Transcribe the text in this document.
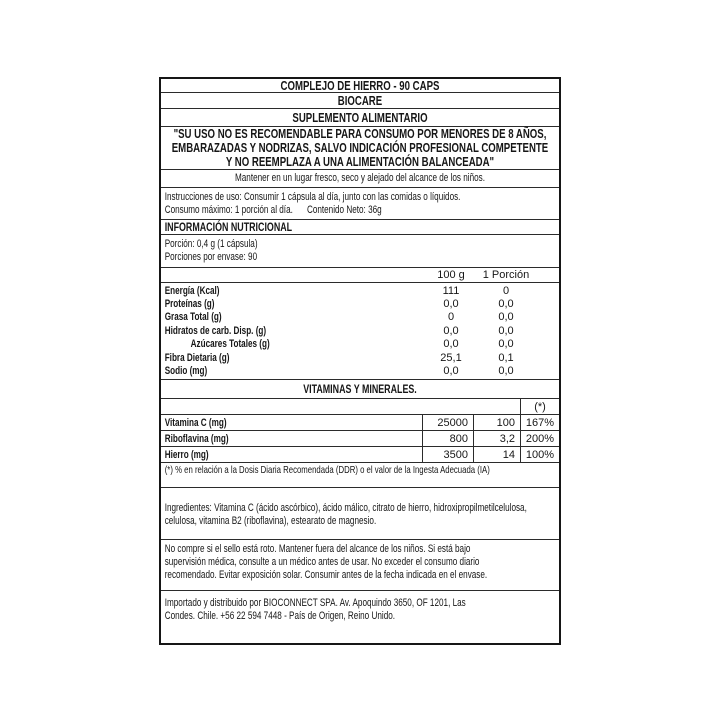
COMPLEJO DE HIERRO - 90 CAPS
BIOCARE
SUPLEMENTO ALIMENTARIO
"SU USO NO ES RECOMENDABLE PARA CONSUMO POR MENORES DE 8 AÑOS,
EMBARAZADAS Y NODRIZAS, SALVO INDICACIÓN PROFESIONAL COMPETENTE
Y NO REEMPLAZA A UNA ALIMENTACIÓN BALANCEADA"
Mantener en un lugar fresco, seco y alejado del alcance de los niños.
Instrucciones de uso: Consumir 1 cápsula al día, junto con las comidas o líquidos.
Consumo máximo: 1 porción al día. Contenido Neto: 36g
INFORMACIÓN NUTRICIONAL
Porción: 0,4 g (1 cápsula)
Porciones por envase: 90
100 g	1 Porción
Energía (Kcal)	111	0
Proteínas (g)	0,0	0,0
Grasa Total (g)	0	0,0
Hidratos de carb. Disp. (g)	0,0	0,0
Azúcares Totales (g)	0,0	0,0
Fibra Dietaria (g)	25,1	0,1
Sodio (mg)	0,0	0,0
VITAMINAS Y MINERALES.
(*)
Vitamina C (mg)	25000	100 167%
Riboflavina (mg)	800	3,2 200%
Hierro (mg)	3500	14 100%
(*) % en relación a la Dosis Diaria Recomendada (DDR) o el valor de la Ingesta Adecuada (IA)
Ingredientes: Vitamina C (ácido ascórbico), ácido málico, citrato de hierro, hidroxipropilmetilcelulosa, celulosa, vitamina B2 (riboflavina), estearato de magnesio.
No compre si el sello está roto. Mantener fuera del alcance de los niños. Si está bajo supervisión médica, consulte a un médico antes de usar. No exceder el consumo diario recomendado. Evitar exposición solar. Consumir antes de la fecha indicada en el envase.
Importado y distribuido por BIOCONNECT SPA. Av. Apoquindo 3650, OF 1201, Las Condes. Chile. +56 22 594 7448 - País de Origen, Reino Unido.
